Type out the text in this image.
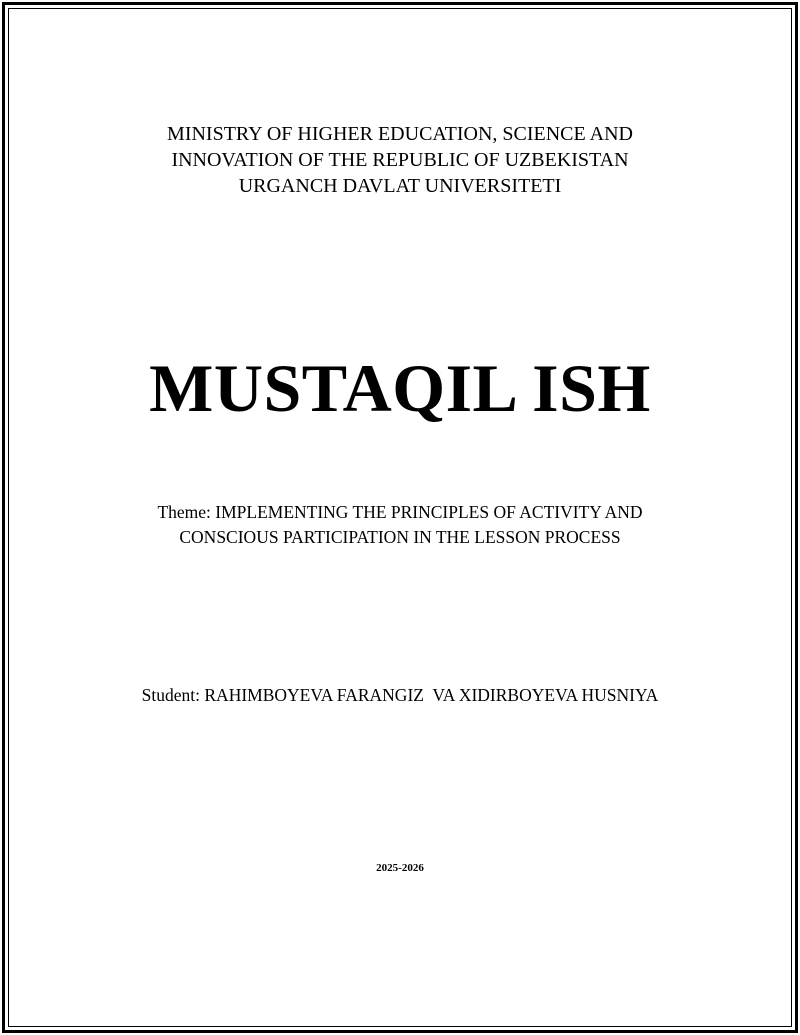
MINISTRY OF HIGHER EDUCATION, SCIENCE AND
INNOVATION OF THE REPUBLIC OF UZBEKISTAN
URGANCH DAVLAT UNIVERSITETI
MUSTAQIL ISH
Theme: IMPLEMENTING THE PRINCIPLES OF ACTIVITY AND
CONSCIOUS PARTICIPATION IN THE LESSON PROCESS
Student: RAHIMBOYEVA FARANGIZ  VA XIDIRBOYEVA HUSNIYA
2025-2026
